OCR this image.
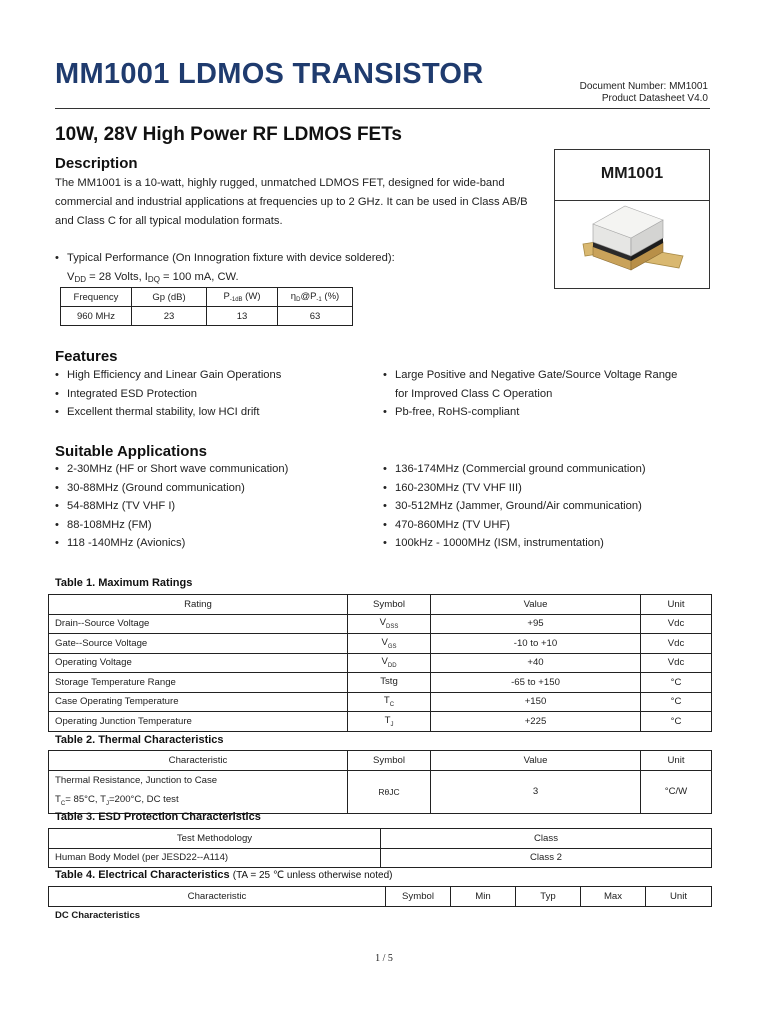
MM1001 LDMOS TRANSISTOR	Document Number: MM1001
Product Datasheet V4.0
10W, 28V High Power RF LDMOS FETs
Description
The MM1001 is a 10-watt, highly rugged, unmatched LDMOS FET, designed for wide-band commercial and industrial applications at frequencies up to 2 GHz. It can be used in Class AB/B and Class C for all typical modulation formats.
• Typical Performance (On Innogration fixture with device soldered):
VDD = 28 Volts, IDQ = 100 mA, CW.
Frequency	Gp (dB)	$P_{-1dB}$ (W)	$\eta_D@P_{-1}$ (%)
960 MHz	23	13	63
MM1001
Features
• High Efficiency and Linear Gain Operations
• Integrated ESD Protection
• Excellent thermal stability, low HCI drift
• Large Positive and Negative Gate/Source Voltage Range
for Improved Class C Operation
• Pb-free, RoHS-compliant
Suitable Applications
• 2-30MHz (HF or Short wave communication)
• 30-88MHz (Ground communication)
• 54-88MHz (TV VHF I)
• 88-108MHz (FM)
• 118 -140MHz (Avionics)
• 136-174MHz (Commercial ground communication)
• 160-230MHz (TV VHF III)
• 30-512MHz (Jammer, Ground/Air communication)
• 470-860MHz (TV UHF)
• 100kHz - 1000MHz (ISM, instrumentation)
Table 1. Maximum Ratings
Rating	Symbol	Value	Unit
Drain--Source Voltage	$V_{DSS}$	+95	Vdc
Gate--Source Voltage	$V_{GS}$	-10 to +10	Vdc
Operating Voltage	$V_{DD}$	+40	Vdc
Storage Temperature Range	Tstg	-65 to +150	°C
Case Operating Temperature	$T_C$	+150	°C
Operating Junction Temperature	$T_J$	+225	°C
Table 2. Thermal Characteristics
Characteristic	Symbol	Value	Unit

Thermal Resistance, Junction to Case
$T_C= 85^\circ C$, $T_J=200^\circ C$, DC test	RθJC	3	°C/W
Table 3. ESD Protection Characteristics
Test Methodology	Class
Human Body Model (per JESD22--A114)	Class 2
Table 4. Electrical Characteristics (TA = 25 ℃ unless otherwise noted)
Characteristic	Symbol	Min	Typ	Max	Unit
DC Characteristics
1 / 5
